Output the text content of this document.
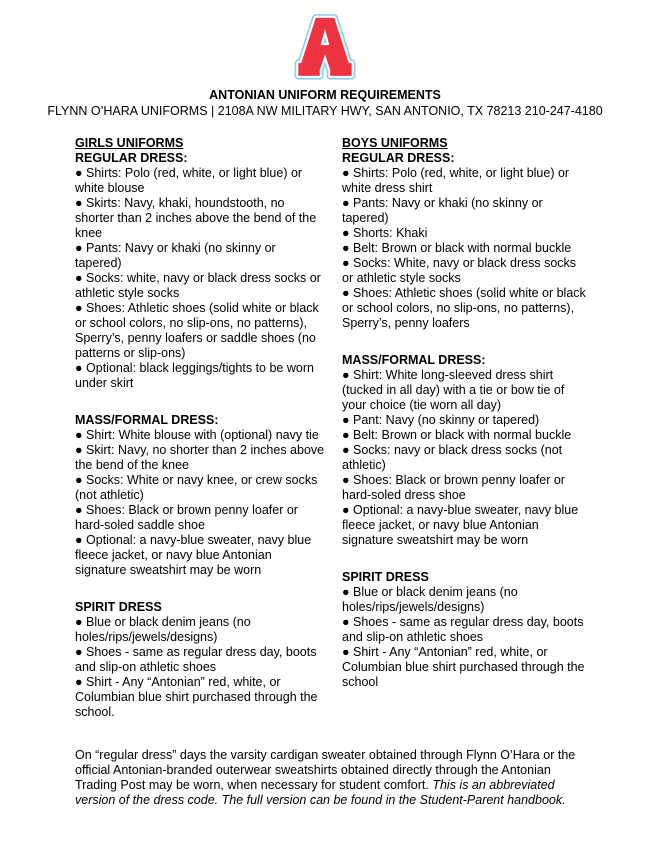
ANTONIAN UNIFORM REQUIREMENTS
FLYNN O’HARA UNIFORMS | 2108A NW MILITARY HWY, SAN ANTONIO, TX 78213 210-247-4180
GIRLS UNIFORMS
REGULAR DRESS:

● Shirts: Polo (red, white, or light blue) or white blouse

● Skirts: Navy, khaki, houndstooth, no shorter than 2 inches above the bend of the knee

● Pants: Navy or khaki (no skinny or tapered)

● Socks: white, navy or black dress socks or athletic style socks

● Shoes: Athletic shoes (solid white or black or school colors, no slip-ons, no patterns), Sperry’s, penny loafers or saddle shoes (no patterns or slip-ons)

● Optional: black leggings/tights to be worn under skirt

MASS/FORMAL DRESS:

● Shirt: White blouse with (optional) navy tie

● Skirt: Navy, no shorter than 2 inches above the bend of the knee

● Socks: White or navy knee, or crew socks (not athletic)

● Shoes: Black or brown penny loafer or hard-soled saddle shoe

● Optional: a navy-blue sweater, navy blue fleece jacket, or navy blue Antonian signature sweatshirt may be worn

SPIRIT DRESS

● Blue or black denim jeans (no holes/rips/jewels/designs)

● Shoes - same as regular dress day, boots and slip-on athletic shoes

● Shirt - Any “Antonian” red, white, or Columbian blue shirt purchased through the school.

BOYS UNIFORMS
REGULAR DRESS:

● Shirts: Polo (red, white, or light blue) or white dress shirt

● Pants: Navy or khaki (no skinny or tapered)

● Shorts: Khaki

● Belt: Brown or black with normal buckle

● Socks: White, navy or black dress socks or athletic style socks

● Shoes: Athletic shoes (solid white or black or school colors, no slip-ons, no patterns), Sperry’s, penny loafers

MASS/FORMAL DRESS:

● Shirt: White long-sleeved dress shirt (tucked in all day) with a tie or bow tie of your choice (tie worn all day)

● Pant: Navy (no skinny or tapered)

● Belt: Brown or black with normal buckle

● Socks: navy or black dress socks (not athletic)

● Shoes: Black or brown penny loafer or hard-soled dress shoe

● Optional: a navy-blue sweater, navy blue fleece jacket, or navy blue Antonian signature sweatshirt may be worn

SPIRIT DRESS

● Blue or black denim jeans (no holes/rips/jewels/designs)

● Shoes - same as regular dress day, boots and slip-on athletic shoes

● Shirt - Any “Antonian” red, white, or Columbian blue shirt purchased through the school

On “regular dress” days the varsity cardigan sweater obtained through Flynn O’Hara or the official Antonian-branded outerwear sweatshirts obtained directly through the Antonian Trading Post may be worn, when necessary for student comfort. This is an abbreviated version of the dress code. The full version can be found in the Student-Parent handbook.
